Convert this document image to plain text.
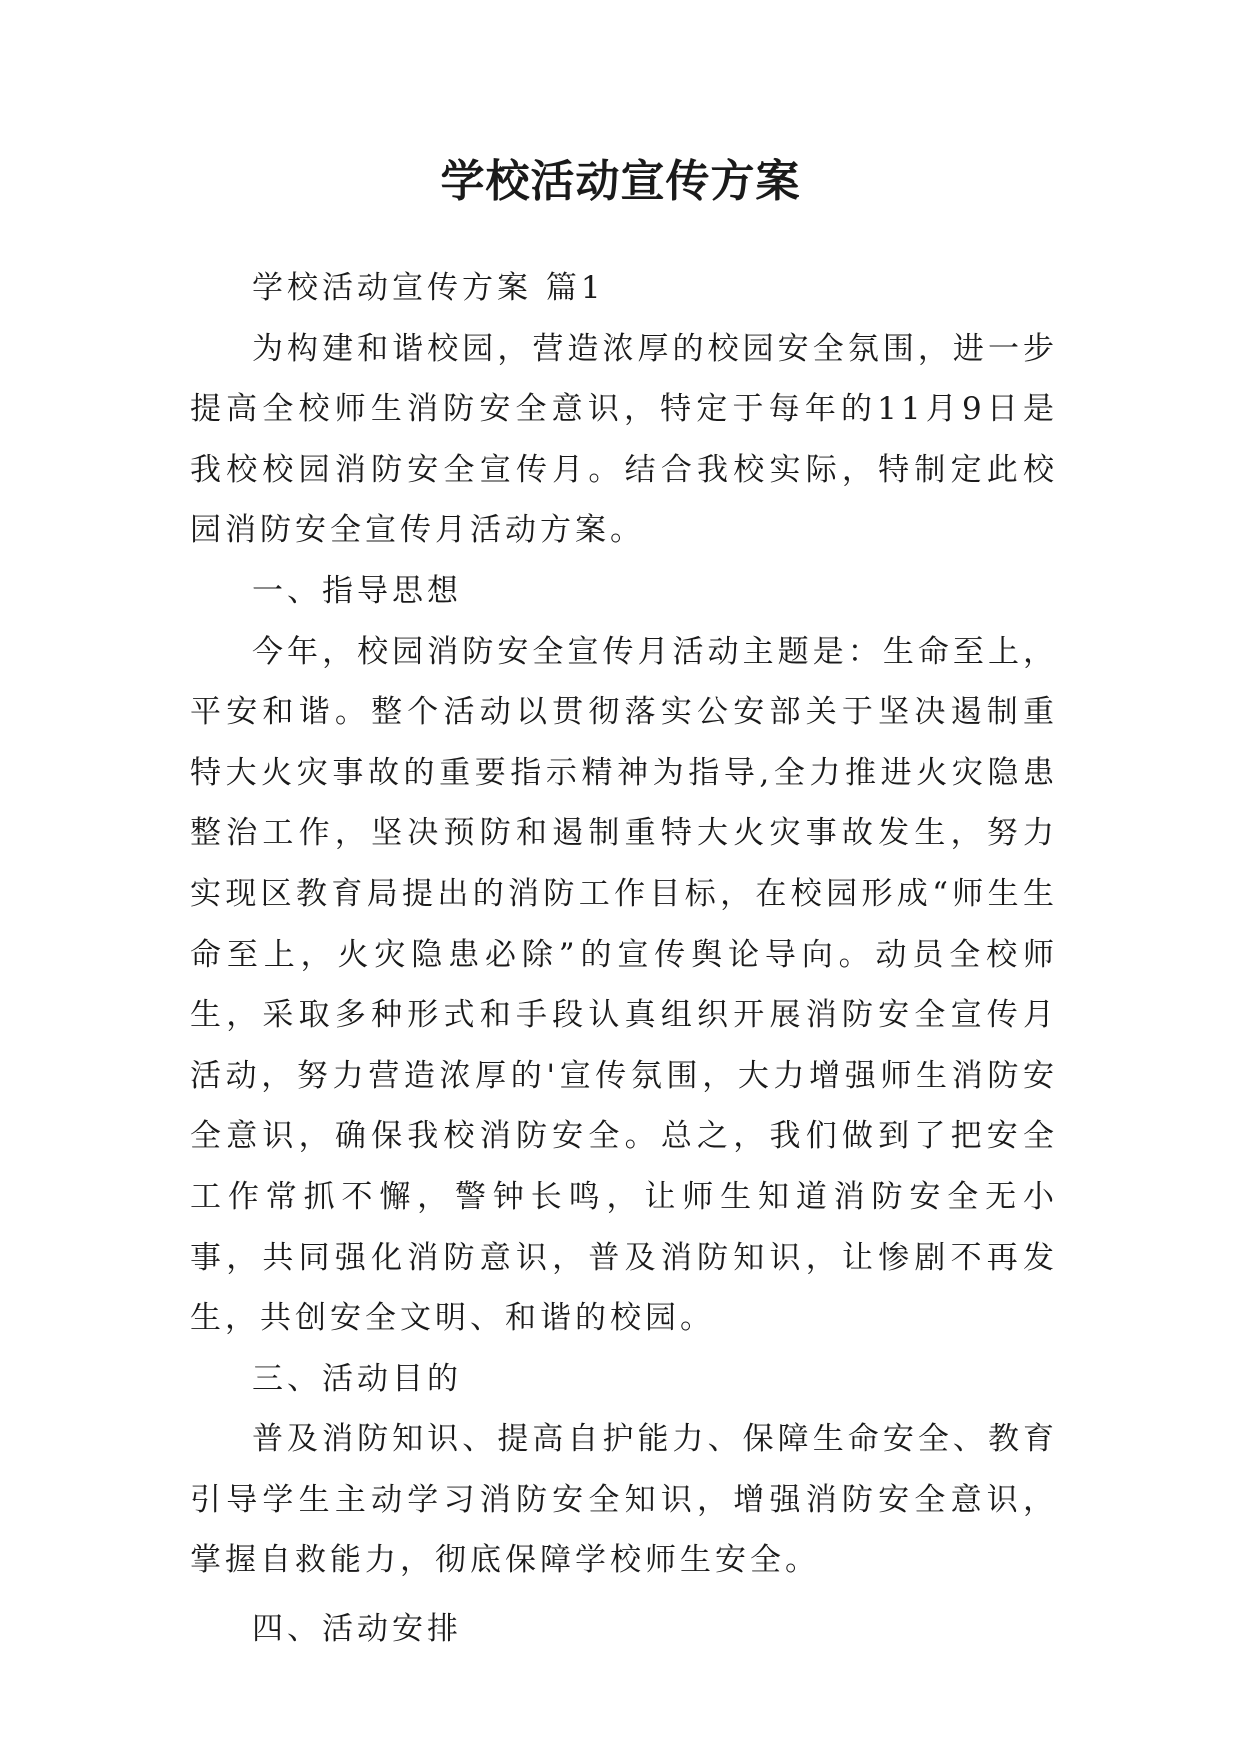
学校活动宣传方案

学校活动宣传方案 篇1

为构建和谐校园，营造浓厚的校园安全氛围，进一步提高全校师生消防安全意识，特定于每年的11月9日是我校校园消防安全宣传月。结合我校实际，特制定此校园消防安全宣传月活动方案。

一、指导思想

今年，校园消防安全宣传月活动主题是：生命至上，平安和谐。整个活动以贯彻落实公安部关于坚决遏制重特大火灾事故的重要指示精神为指导,全力推进火灾隐患整治工作，坚决预防和遏制重特大火灾事故发生，努力实现区教育局提出的消防工作目标，在校园形成“师生生命至上，火灾隐患必除”的宣传舆论导向。动员全校师生，采取多种形式和手段认真组织开展消防安全宣传月活动，努力营造浓厚的'宣传氛围，大力增强师生消防安全意识，确保我校消防安全。总之，我们做到了把安全工作常抓不懈，警钟长鸣，让师生知道消防安全无小事，共同强化消防意识，普及消防知识，让惨剧不再发生，共创安全文明、和谐的校园。

三、活动目的

普及消防知识、提高自护能力、保障生命安全、教育引导学生主动学习消防安全知识，增强消防安全意识，掌握自救能力，彻底保障学校师生安全。

四、活动安排
